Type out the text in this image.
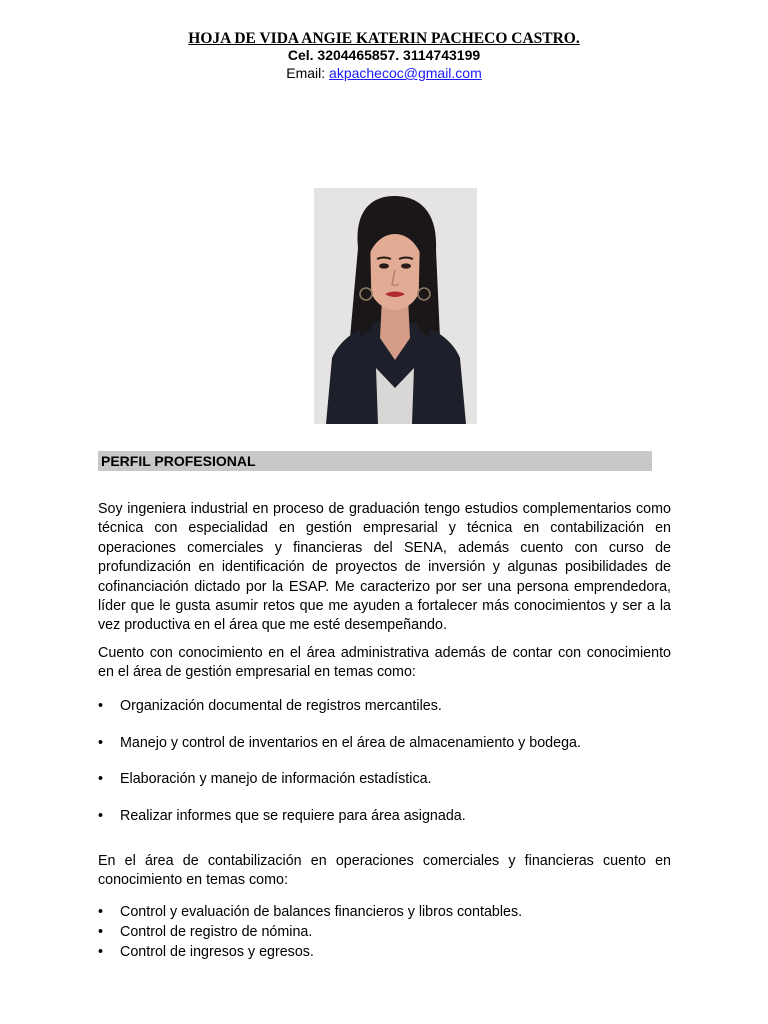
HOJA DE VIDA ANGIE KATERIN PACHECO CASTRO.
Cel. 3204465857. 3114743199
Email: akpachecoc@gmail.com
PERFIL PROFESIONAL
Soy ingeniera industrial en proceso de graduación tengo estudios complementarios como técnica con especialidad en gestión empresarial y técnica en contabilización en operaciones comerciales y financieras del SENA, además cuento con curso de profundización en identificación de proyectos de inversión y algunas posibilidades de cofinanciación dictado por la ESAP. Me caracterizo por ser una persona emprendedora, líder que le gusta asumir retos que me ayuden a fortalecer más conocimientos y ser a la vez productiva en el área que me esté desempeñando.
Cuento con conocimiento en el área administrativa además de contar con conocimiento en el área de gestión empresarial en temas como:
•	Organización documental de registros mercantiles.
•	Manejo y control de inventarios en el área de almacenamiento y bodega.
•	Elaboración y manejo de información estadística.
•	Realizar informes que se requiere para área asignada.
En el área de contabilización en operaciones comerciales y financieras cuento en conocimiento en temas como:
•	Control y evaluación de balances financieros y libros contables.
•	Control de registro de nómina.
•	Control de ingresos y egresos.
